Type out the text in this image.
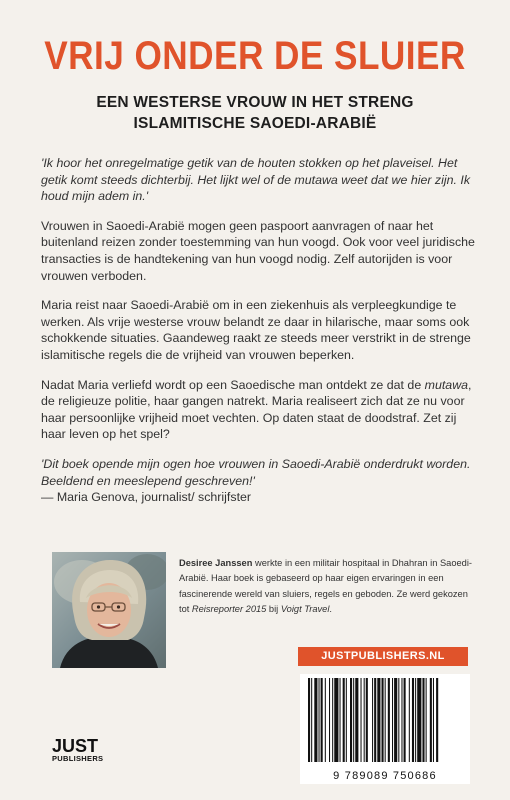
VRIJ ONDER DE SLUIER
EEN WESTERSE VROUW IN HET STRENG
ISLAMITISCHE SAOEDI-ARABIË

'Ik hoor het onregelmatige getik van de houten stokken op het plaveisel. Het getik komt steeds dichterbij. Het lijkt wel of de mutawa weet dat we hier zijn. Ik houd mijn adem in.'

Vrouwen in Saoedi-Arabië mogen geen paspoort aanvragen of naar het buitenland reizen zonder toestemming van hun voogd. Ook voor veel juridische transacties is de handtekening van hun voogd nodig. Zelf autorijden is voor vrouwen verboden.

Maria reist naar Saoedi-Arabië om in een ziekenhuis als verpleegkundige te werken. Als vrije westerse vrouw belandt ze daar in hilarische, maar soms ook schokkende situaties. Gaandeweg raakt ze steeds meer verstrikt in de strenge islamitische regels die de vrijheid van vrouwen beperken.

Nadat Maria verliefd wordt op een Saoedische man ontdekt ze dat de mutawa, de religieuze politie, haar gangen natrekt. Maria realiseert zich dat ze nu voor haar persoonlijke vrijheid moet vechten. Op daten staat de doodstraf. Zet zij haar leven op het spel?

'Dit boek opende mijn ogen hoe vrouwen in Saoedi-Arabië onderdrukt worden. Beeldend en meeslepend geschreven!'
— Maria Genova, journalist/ schrijfster

Desiree Janssen werkte in een militair hospitaal in Dhahran in Saoedi-Arabië. Haar boek is gebaseerd op haar eigen ervaringen in een fascinerende wereld van sluiers, regels en geboden. Ze werd gekozen tot Reisreporter 2015 bij Voigt Travel.
JUSTPUBLISHERS.NL
9 789089 750686
JUST
PUBLISHERS
